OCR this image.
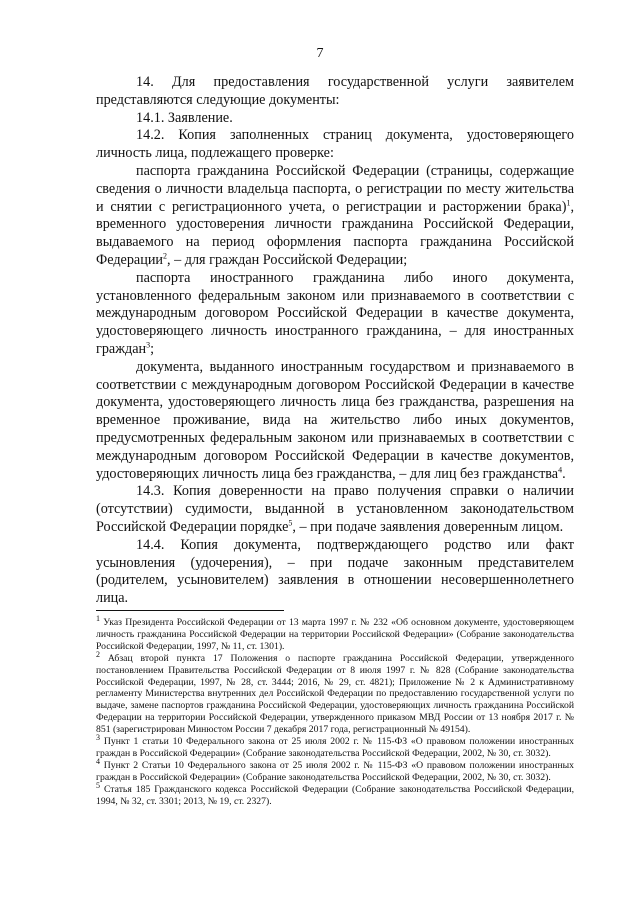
7

14. Для предоставления государственной услуги заявителем представляются следующие документы:

14.1. Заявление.

14.2. Копия заполненных страниц документа, удостоверяющего личность лица, подлежащего проверке:

паспорта гражданина Российской Федерации (страницы, содержащие сведения о личности владельца паспорта, о регистрации по месту жительства и снятии с регистрационного учета, о регистрации и расторжении брака)$^1$, временного удостоверения личности гражданина Российской Федерации, выдаваемого на период оформления паспорта гражданина Российской Федерации$^2$, – для граждан Российской Федерации;

паспорта иностранного гражданина либо иного документа, установленного федеральным законом или признаваемого в соответствии с международным договором Российской Федерации в качестве документа, удостоверяющего личность иностранного гражданина, – для иностранных граждан$^3$;

документа, выданного иностранным государством и признаваемого в соответствии с международным договором Российской Федерации в качестве документа, удостоверяющего личность лица без гражданства, разрешения на временное проживание, вида на жительство либо иных документов, предусмотренных федеральным законом или признаваемых в соответствии с международным договором Российской Федерации в качестве документов, удостоверяющих личность лица без гражданства, – для лиц без гражданства$^4$.

14.3. Копия доверенности на право получения справки о наличии (отсутствии) судимости, выданной в установленном законодательством Российской Федерации порядке$^5$, – при подаче заявления доверенным лицом.

14.4. Копия документа, подтверждающего родство или факт усыновления (удочерения), – при подаче законным представителем (родителем, усыновителем) заявления в отношении несовершеннолетнего лица.

$^1$ Указ Президента Российской Федерации от 13 марта 1997 г. № 232 «Об основном документе, удостоверяющем личность гражданина Российской Федерации на территории Российской Федерации» (Собрание законодательства Российской Федерации, 1997, № 11, ст. 1301).

$^2$ Абзац второй пункта 17 Положения о паспорте гражданина Российской Федерации, утвержденного постановлением Правительства Российской Федерации от 8 июля 1997 г. № 828 (Собрание законодательства Российской Федерации, 1997, № 28, ст. 3444; 2016, № 29, ст. 4821); Приложение № 2 к Административному регламенту Министерства внутренних дел Российской Федерации по предоставлению государственной услуги по выдаче, замене паспортов гражданина Российской Федерации, удостоверяющих личность гражданина Российской Федерации на территории Российской Федерации, утвержденного приказом МВД России от 13 ноября 2017 г. № 851 (зарегистрирован Минюстом России 7 декабря 2017 года, регистрационный № 49154).

$^3$ Пункт 1 статьи 10 Федерального закона от 25 июля 2002 г. № 115-ФЗ «О правовом положении иностранных граждан в Российской Федерации» (Собрание законодательства Российской Федерации, 2002, № 30, ст. 3032).

$^4$ Пункт 2 Статьи 10 Федерального закона от 25 июля 2002 г. № 115-ФЗ «О правовом положении иностранных граждан в Российской Федерации» (Собрание законодательства Российской Федерации, 2002, № 30, ст. 3032).

$^5$ Статья 185 Гражданского кодекса Российской Федерации (Собрание законодательства Российской Федерации, 1994, № 32, ст. 3301; 2013, № 19, ст. 2327).
